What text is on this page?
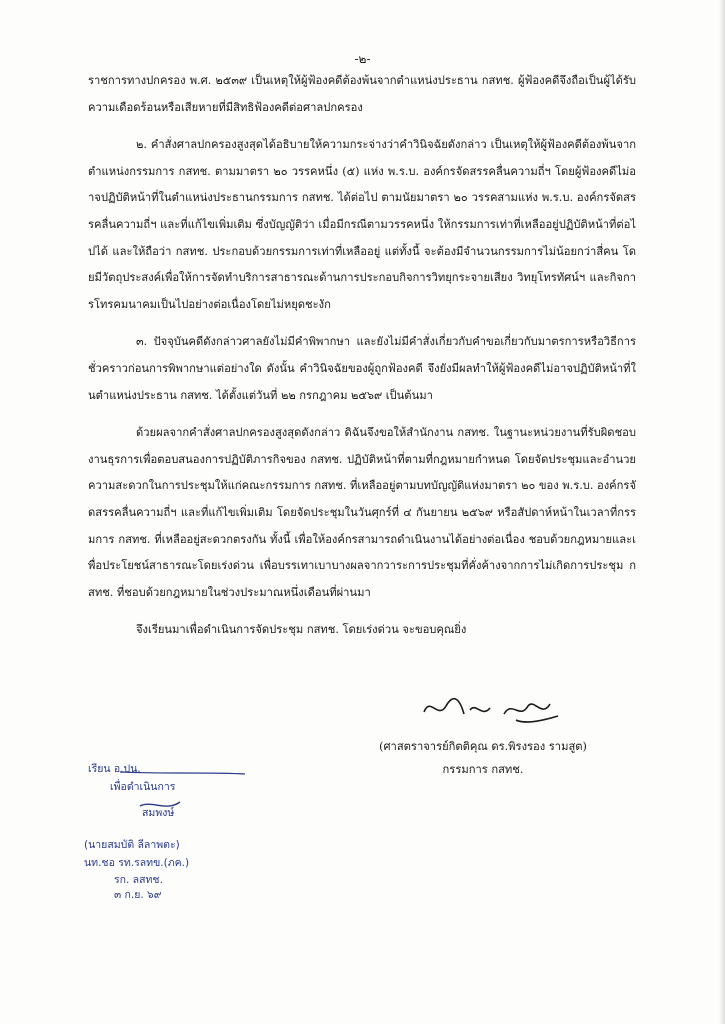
-๒-

ราชการทางปกครอง พ.ศ. ๒๕๓๙ เป็นเหตุให้ผู้ฟ้องคดีต้องพ้นจากตำแหน่งประธาน กสทช. ผู้ฟ้องคดีจึงถือเป็นผู้ได้รับความเดือดร้อนหรือเสียหายที่มีสิทธิฟ้องคดีต่อศาลปกครอง

๒. คำสั่งศาลปกครองสูงสุดได้อธิบายให้ความกระจ่างว่าคำวินิจฉัยดังกล่าว เป็นเหตุให้ผู้ฟ้องคดีต้องพ้นจากตำแหน่งกรรมการ กสทช. ตามมาตรา ๒๐ วรรคหนึ่ง (๕) แห่ง พ.ร.บ. องค์กรจัดสรรคลื่นความถี่ฯ โดยผู้ฟ้องคดีไม่อาจปฏิบัติหน้าที่ในตำแหน่งประธานกรรมการ กสทช. ได้ต่อไป ตามนัยมาตรา ๒๐ วรรคสามแห่ง พ.ร.บ. องค์กรจัดสรรคลื่นความถี่ฯ และที่แก้ไขเพิ่มเติม ซึ่งบัญญัติว่า เมื่อมีกรณีตามวรรคหนึ่ง ให้กรรมการเท่าที่เหลืออยู่ปฏิบัติหน้าที่ต่อไปได้ และให้ถือว่า กสทช. ประกอบด้วยกรรมการเท่าที่เหลืออยู่ แต่ทั้งนี้ จะต้องมีจำนวนกรรมการไม่น้อยกว่าสี่คน โดยมีวัตถุประสงค์เพื่อให้การจัดทำบริการสาธารณะด้านการประกอบกิจการวิทยุกระจายเสียง วิทยุโทรทัศน์ฯ และกิจการโทรคมนาคมเป็นไปอย่างต่อเนื่องโดยไม่หยุดชะงัก

๓. ปัจจุบันคดีดังกล่าวศาลยังไม่มีคำพิพากษา และยังไม่มีคำสั่งเกี่ยวกับคำขอเกี่ยวกับมาตรการหรือวิธีการชั่วคราวก่อนการพิพากษาแต่อย่างใด ดังนั้น คำวินิจฉัยของผู้ถูกฟ้องคดี จึงยังมีผลทำให้ผู้ฟ้องคดีไม่อาจปฏิบัติหน้าที่ในตำแหน่งประธาน กสทช. ได้ตั้งแต่วันที่ ๒๒ กรกฎาคม ๒๕๖๙ เป็นต้นมา

ด้วยผลจากคำสั่งศาลปกครองสูงสุดดังกล่าว ดิฉันจึงขอให้สำนักงาน กสทช. ในฐานะหน่วยงานที่รับผิดชอบงานธุรการเพื่อตอบสนองการปฏิบัติภารกิจของ กสทช. ปฏิบัติหน้าที่ตามที่กฎหมายกำหนด โดยจัดประชุมและอำนวยความสะดวกในการประชุมให้แก่คณะกรรมการ กสทช. ที่เหลืออยู่ตามบทบัญญัติแห่งมาตรา ๒๐ ของ พ.ร.บ. องค์กรจัดสรรคลื่นความถี่ฯ และที่แก้ไขเพิ่มเติม โดยจัดประชุมในวันศุกร์ที่ ๔ กันยายน ๒๕๖๙ หรือสัปดาห์หน้าในเวลาที่กรรมการ กสทช. ที่เหลืออยู่สะดวกตรงกัน ทั้งนี้ เพื่อให้องค์กรสามารถดำเนินงานได้อย่างต่อเนื่อง ชอบด้วยกฎหมายและเพื่อประโยชน์สาธารณะโดยเร่งด่วน เพื่อบรรเทาเบาบางผลจากวาระการประชุมที่คั่งค้างจากการไม่เกิดการประชุม กสทช. ที่ชอบด้วยกฎหมายในช่วงประมาณหนึ่งเดือนที่ผ่านมา

จึงเรียนมาเพื่อดำเนินการจัดประชุม กสทช. โดยเร่งด่วน จะขอบคุณยิ่ง

(ศาสตราจารย์กิตติคุณ ดร.พิรงรอง รามสูต)
กรรมการ กสทช.
เรียน อ.ปน.
เพื่อดำเนินการ
สมพงษ์
(นายสมบัติ ลีลาพตะ)
นท.ชอ รท.รลทข.(ภค.)
รก. ลสทช.
๓ ก.ย. ๖๙
